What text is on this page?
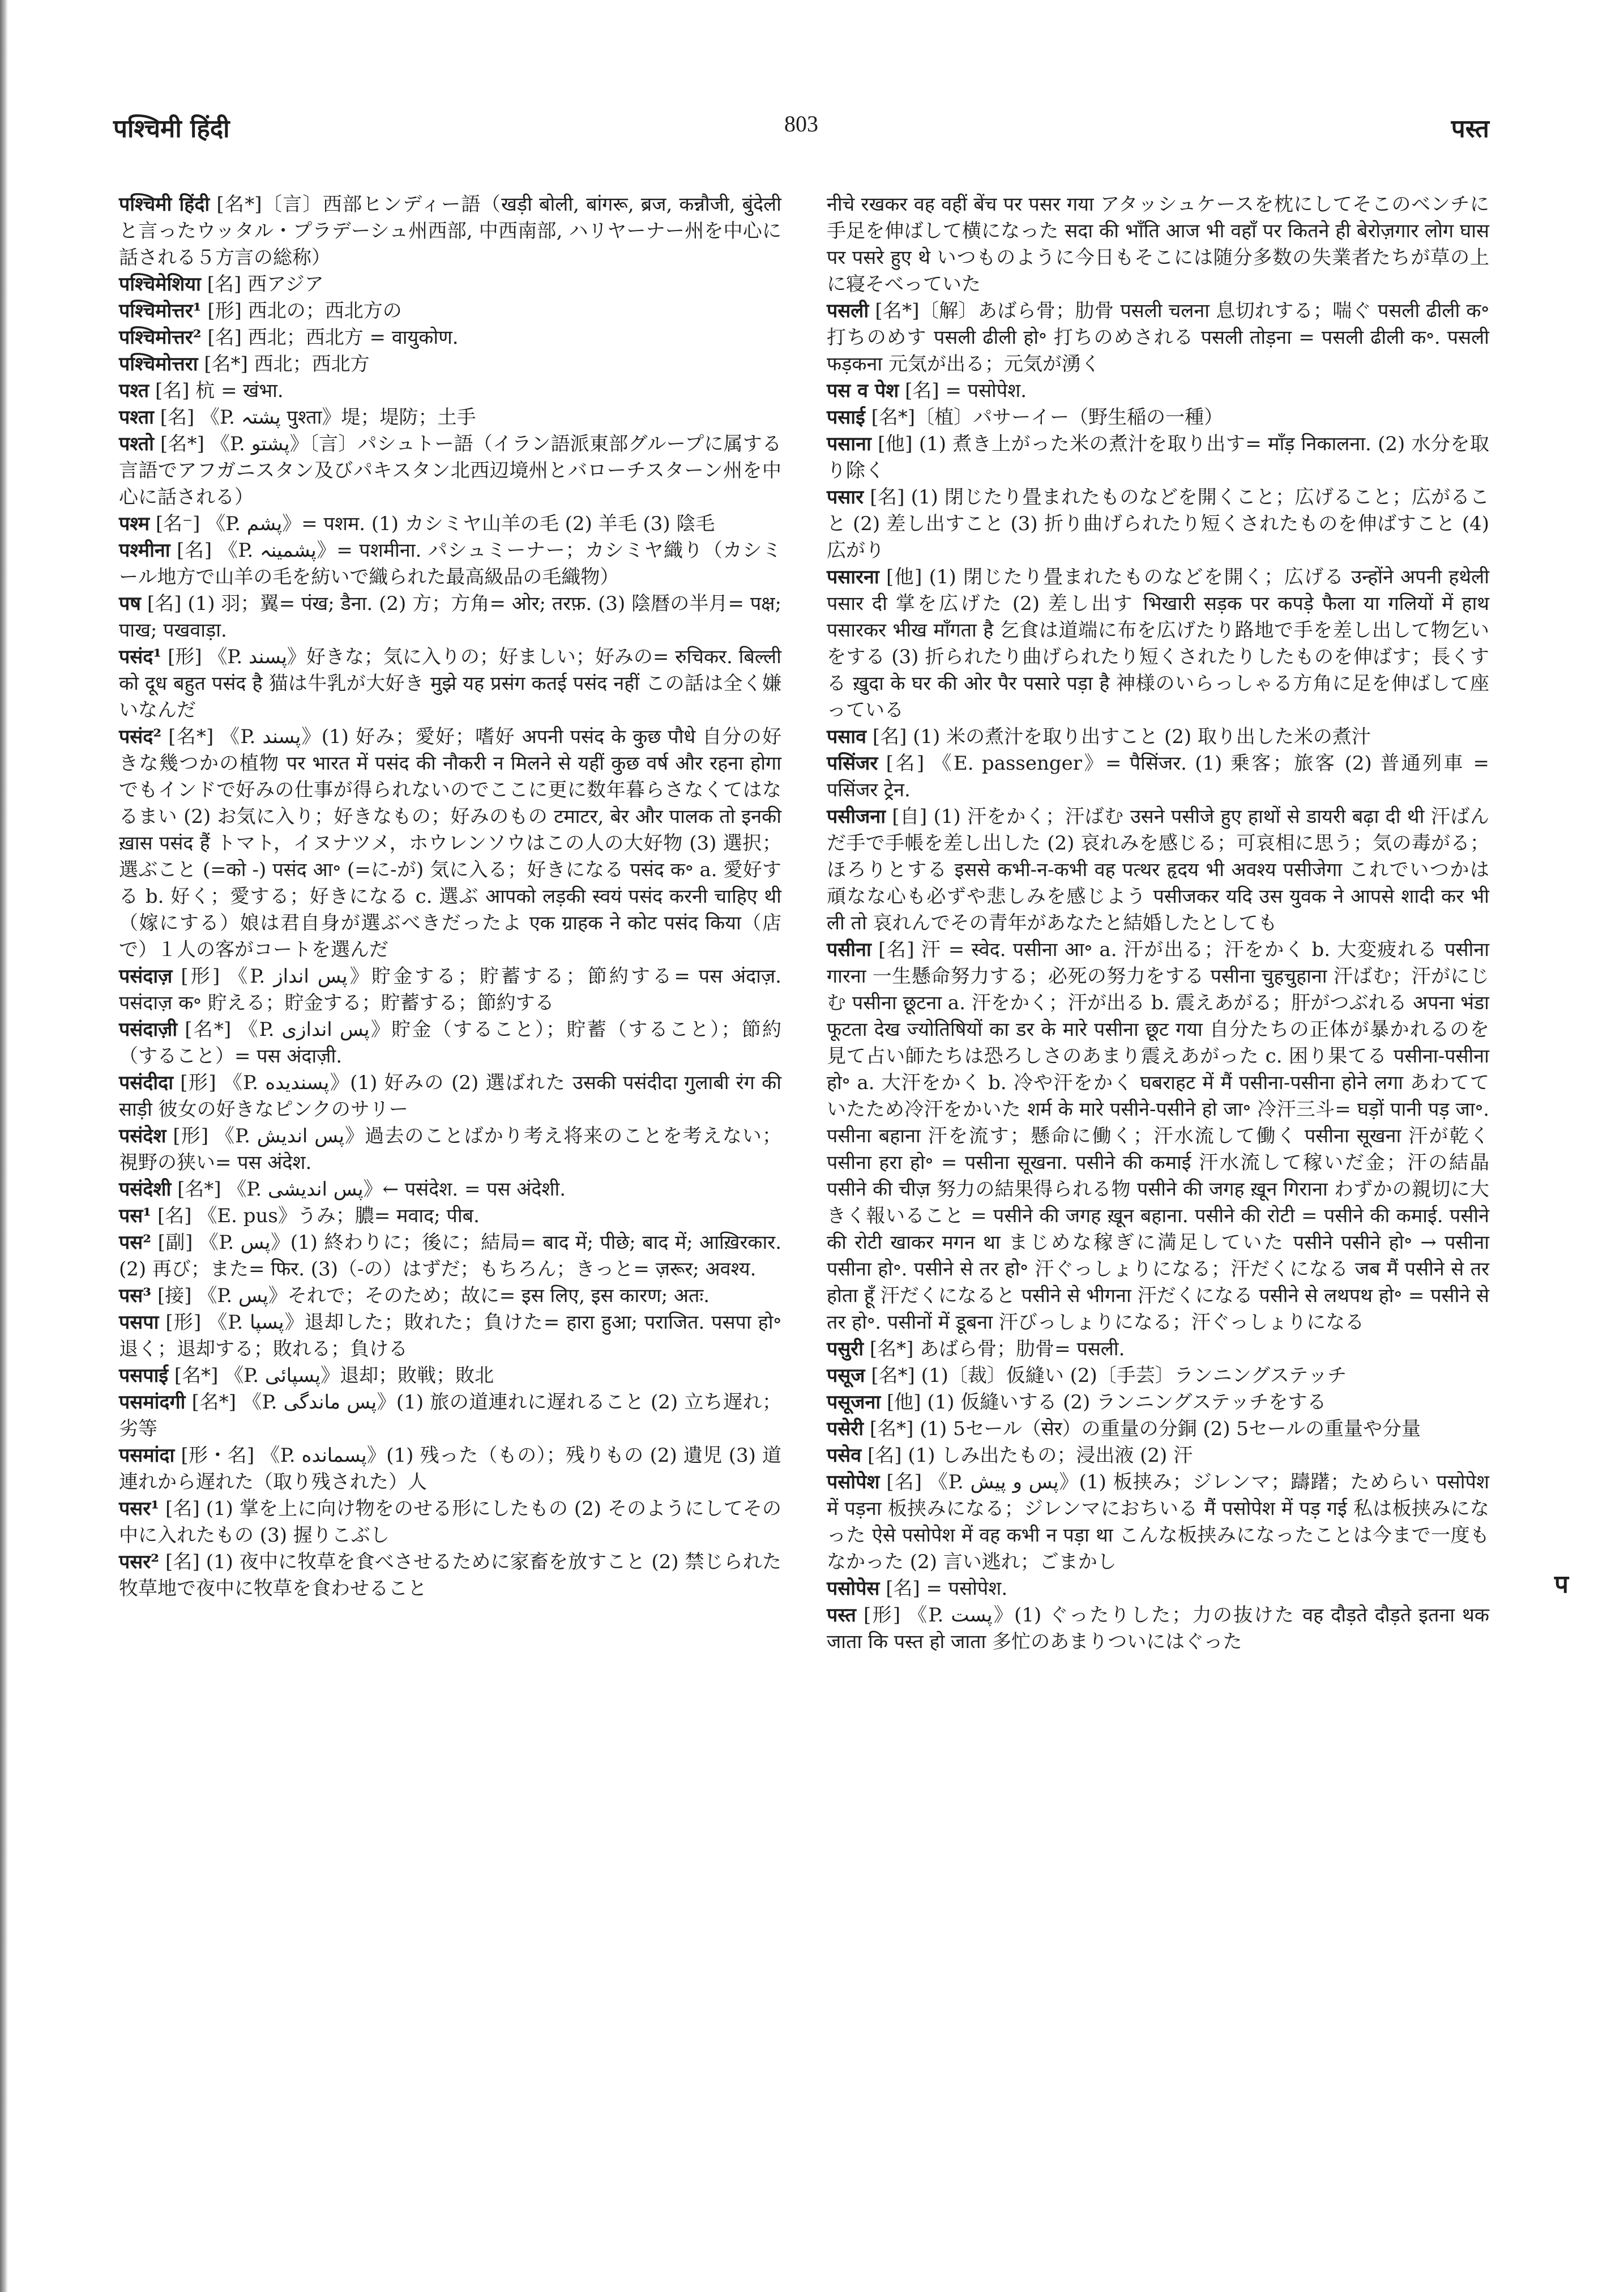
पश्चिमी हिंदी	803	पस्त

पश्चिमी हिंदी [名*]〔言〕西部ヒンディー語（खड़ी बोली, बांगरू, ब्रज, कन्नौजी, बुंदेली と言ったウッタル・プラデーシュ州西部, 中西南部, ハリヤーナー州を中心に話される５方言の総称）

पश्चिमेशिया [名] 西アジア

पश्चिमोत्तर¹ [形] 西北の；西北方の

पश्चिमोत्तर² [名] 西北；西北方 = वायुकोण.

पश्चिमोत्तरा [名*] 西北；西北方

पश्त [名] 杭 = खंभा.

पश्ता [名] 《P. پشتہ पुश्ता》堤；堤防；土手

पश्तो [名*] 《P. پشتو》〔言〕パシュトー語（イラン語派東部グループに属する言語でアフガニスタン及びパキスタン北西辺境州とバローチスターン州を中心に話される）

पश्म [名⁻] 《P. پشم》= पशम. (1) カシミヤ山羊の毛 (2) 羊毛 (3) 陰毛

पश्मीना [名] 《P. پشمینہ》= पशमीना. パシュミーナー；カシミヤ織り（カシミール地方で山羊の毛を紡いで織られた最高級品の毛織物）

पष [名] (1) 羽；翼= पंख; डैना. (2) 方；方角= ओर; तरफ़. (3) 陰暦の半月= पक्ष; पाख; पखवाड़ा.

पसंद¹ [形] 《P. پسند》好きな；気に入りの；好ましい；好みの= रुचिकर. बिल्ली को दूध बहुत पसंद है 猫は牛乳が大好き मुझे यह प्रसंग कतई पसंद नहीं この話は全く嫌いなんだ

पसंद² [名*] 《P. پسند》(1) 好み；愛好；嗜好 अपनी पसंद के कुछ पौधे 自分の好きな幾つかの植物 पर भारत में पसंद की नौकरी न मिलने से यहीं कुछ वर्ष और रहना होगा でもインドで好みの仕事が得られないのでここに更に数年暮らさなくてはなるまい (2) お気に入り；好きなもの；好みのもの टमाटर, बेर और पालक तो इनकी ख़ास पसंद हैं トマト，イヌナツメ，ホウレンソウはこの人の大好物 (3) 選択；選ぶこと (=को -) पसंद आ॰ (=に-が) 気に入る；好きになる पसंद क॰ a. 愛好する b. 好く；愛する；好きになる c. 選ぶ आपको लड़की स्वयं पसंद करनी चाहिए थी（嫁にする）娘は君自身が選ぶべきだったよ एक ग्राहक ने कोट पसंद किया（店で）１人の客がコートを選んだ

पसंदाज़ [形] 《P. پس انداز》貯金する；貯蓄する；節約する= पस अंदाज़. पसंदाज़ क॰ 貯える；貯金する；貯蓄する；節約する

पसंदाज़ी [名*] 《P. پس اندازی》貯金（すること）；貯蓄（すること）；節約（すること）= पस अंदाज़ी.

पसंदीदा [形] 《P. پسندیده》(1) 好みの (2) 選ばれた उसकी पसंदीदा गुलाबी रंग की साड़ी 彼女の好きなピンクのサリー

पसंदेश [形] 《P. پس اندیش》過去のことばかり考え将来のことを考えない；視野の狭い= पस अंदेश.

पसंदेशी [名*] 《P. پس اندیشی》← पसंदेश. = पस अंदेशी.

पस¹ [名] 《E. pus》うみ；膿= मवाद; पीब.

पस² [副] 《P. پس》(1) 終わりに；後に；結局= बाद में; पीछे; बाद में; आख़िरकार. (2) 再び；また= फिर. (3)（-の）はずだ；もちろん；きっと= ज़रूर; अवश्य.

पस³ [接] 《P. پس》それで；そのため；故に= इस लिए, इस कारण; अतः.

पसपा [形] 《P. پسپا》退却した；敗れた；負けた= हारा हुआ; पराजित. पसपा हो॰ 退く；退却する；敗れる；負ける

पसपाई [名*] 《P. پسپائی》退却；敗戦；敗北

पसमांदगी [名*] 《P. پس ماندگی》(1) 旅の道連れに遅れること (2) 立ち遅れ；劣等

पसमांदा [形・名] 《P. پسمانده》(1) 残った（もの）；残りもの (2) 遺児 (3) 道連れから遅れた（取り残された）人

पसर¹ [名] (1) 掌を上に向け物をのせる形にしたもの (2) そのようにしてその中に入れたもの (3) 握りこぶし

पसर² [名] (1) 夜中に牧草を食べさせるために家畜を放すこと (2) 禁じられた牧草地で夜中に牧草を食わせること

नीचे रखकर वह वहीं बेंच पर पसर गया アタッシュケースを枕にしてそこのベンチに手足を伸ばして横になった सदा की भाँति आज भी वहाँ पर कितने ही बेरोज़गार लोग घास पर पसरे हुए थे いつものように今日もそこには随分多数の失業者たちが草の上に寝そべっていた

पसली [名*]〔解〕あばら骨；肋骨 पसली चलना 息切れする；喘ぐ पसली ढीली क॰ 打ちのめす पसली ढीली हो॰ 打ちのめされる पसली तोड़ना = पसली ढीली क॰. पसली फड़कना 元気が出る；元気が湧く

पस व पेश [名] = पसोपेश.

पसाई [名*]〔植〕パサーイー（野生稲の一種）

पसाना [他] (1) 煮き上がった米の煮汁を取り出す= माँड़ निकालना. (2) 水分を取り除く

पसार [名] (1) 閉じたり畳まれたものなどを開くこと；広げること；広がること (2) 差し出すこと (3) 折り曲げられたり短くされたものを伸ばすこと (4) 広がり

पसारना [他] (1) 閉じたり畳まれたものなどを開く；広げる उन्होंने अपनी हथेली पसार दी 掌を広げた (2) 差し出す भिखारी सड़क पर कपड़े फैला या गलियों में हाथ पसारकर भीख माँगता है 乞食は道端に布を広げたり路地で手を差し出して物乞いをする (3) 折られたり曲げられたり短くされたりしたものを伸ばす；長くする ख़ुदा के घर की ओर पैर पसारे पड़ा है 神様のいらっしゃる方角に足を伸ばして座っている

पसाव [名] (1) 米の煮汁を取り出すこと (2) 取り出した米の煮汁

पसिंजर [名] 《E. passenger》= पैसिंजर. (1) 乗客；旅客 (2) 普通列車 = पसिंजर ट्रेन.

पसीजना [自] (1) 汗をかく；汗ばむ उसने पसीजे हुए हाथों से डायरी बढ़ा दी थी 汗ばんだ手で手帳を差し出した (2) 哀れみを感じる；可哀相に思う；気の毒がる；ほろりとする इससे कभी-न-कभी वह पत्थर हृदय भी अवश्य पसीजेगा これでいつかは頑なな心も必ずや悲しみを感じよう पसीजकर यदि उस युवक ने आपसे शादी कर भी ली तो 哀れんでその青年があなたと結婚したとしても

पसीना [名] 汗 = स्वेद. पसीना आ॰ a. 汗が出る；汗をかく b. 大変疲れる पसीना गारना 一生懸命努力する；必死の努力をする पसीना चुहचुहाना 汗ばむ；汗がにじむ पसीना छूटना a. 汗をかく；汗が出る b. 震えあがる；肝がつぶれる अपना भंडा फूटता देख ज्योतिषियों का डर के मारे पसीना छूट गया 自分たちの正体が暴かれるのを見て占い師たちは恐ろしさのあまり震えあがった c. 困り果てる पसीना-पसीना हो॰ a. 大汗をかく b. 冷や汗をかく घबराहट में मैं पसीना-पसीना होने लगा あわてていたため冷汗をかいた शर्म के मारे पसीने-पसीने हो जा॰ 冷汗三斗= घड़ों पानी पड़ जा॰. पसीना बहाना 汗を流す；懸命に働く；汗水流して働く पसीना सूखना 汗が乾く पसीना हरा हो॰ = पसीना सूखना. पसीने की कमाई 汗水流して稼いだ金；汗の結晶 पसीने की चीज़ 努力の結果得られる物 पसीने की जगह ख़ून गिराना わずかの親切に大きく報いること = पसीने की जगह ख़ून बहाना. पसीने की रोटी = पसीने की कमाई. पसीने की रोटी खाकर मगन था まじめな稼ぎに満足していた पसीने पसीने हो॰ → पसीना पसीना हो॰. पसीने से तर हो॰ 汗ぐっしょりになる；汗だくになる जब मैं पसीने से तर होता हूँ 汗だくになると पसीने से भीगना 汗だくになる पसीने से लथपथ हो॰ = पसीने से तर हो॰. पसीनों में डूबना 汗びっしょりになる；汗ぐっしょりになる

पसुरी [名*] あばら骨；肋骨= पसली.

पसूज [名*] (1)〔裁〕仮縫い (2)〔手芸〕ランニングステッチ

पसूजना [他] (1) 仮縫いする (2) ランニングステッチをする

पसेरी [名*] (1) 5セール（सेर）の重量の分銅 (2) 5セールの重量や分量

पसेव [名] (1) しみ出たもの；浸出液 (2) 汗

पसोपेश [名] 《P. پس و پیش》(1) 板挟み；ジレンマ；躊躇；ためらい पसोपेश में पड़ना 板挟みになる；ジレンマにおちいる मैं पसोपेश में पड़ गई 私は板挟みになった ऐसे पसोपेश में वह कभी न पड़ा था こんな板挟みになったことは今まで一度もなかった (2) 言い逃れ；ごまかし

पसोपेस [名] = पसोपेश.

पस्त [形] 《P. پست》(1) ぐったりした；力の抜けた वह दौड़ते दौड़ते इतना थक जाता कि पस्त हो जाता 多忙のあまりついにはぐった

प
